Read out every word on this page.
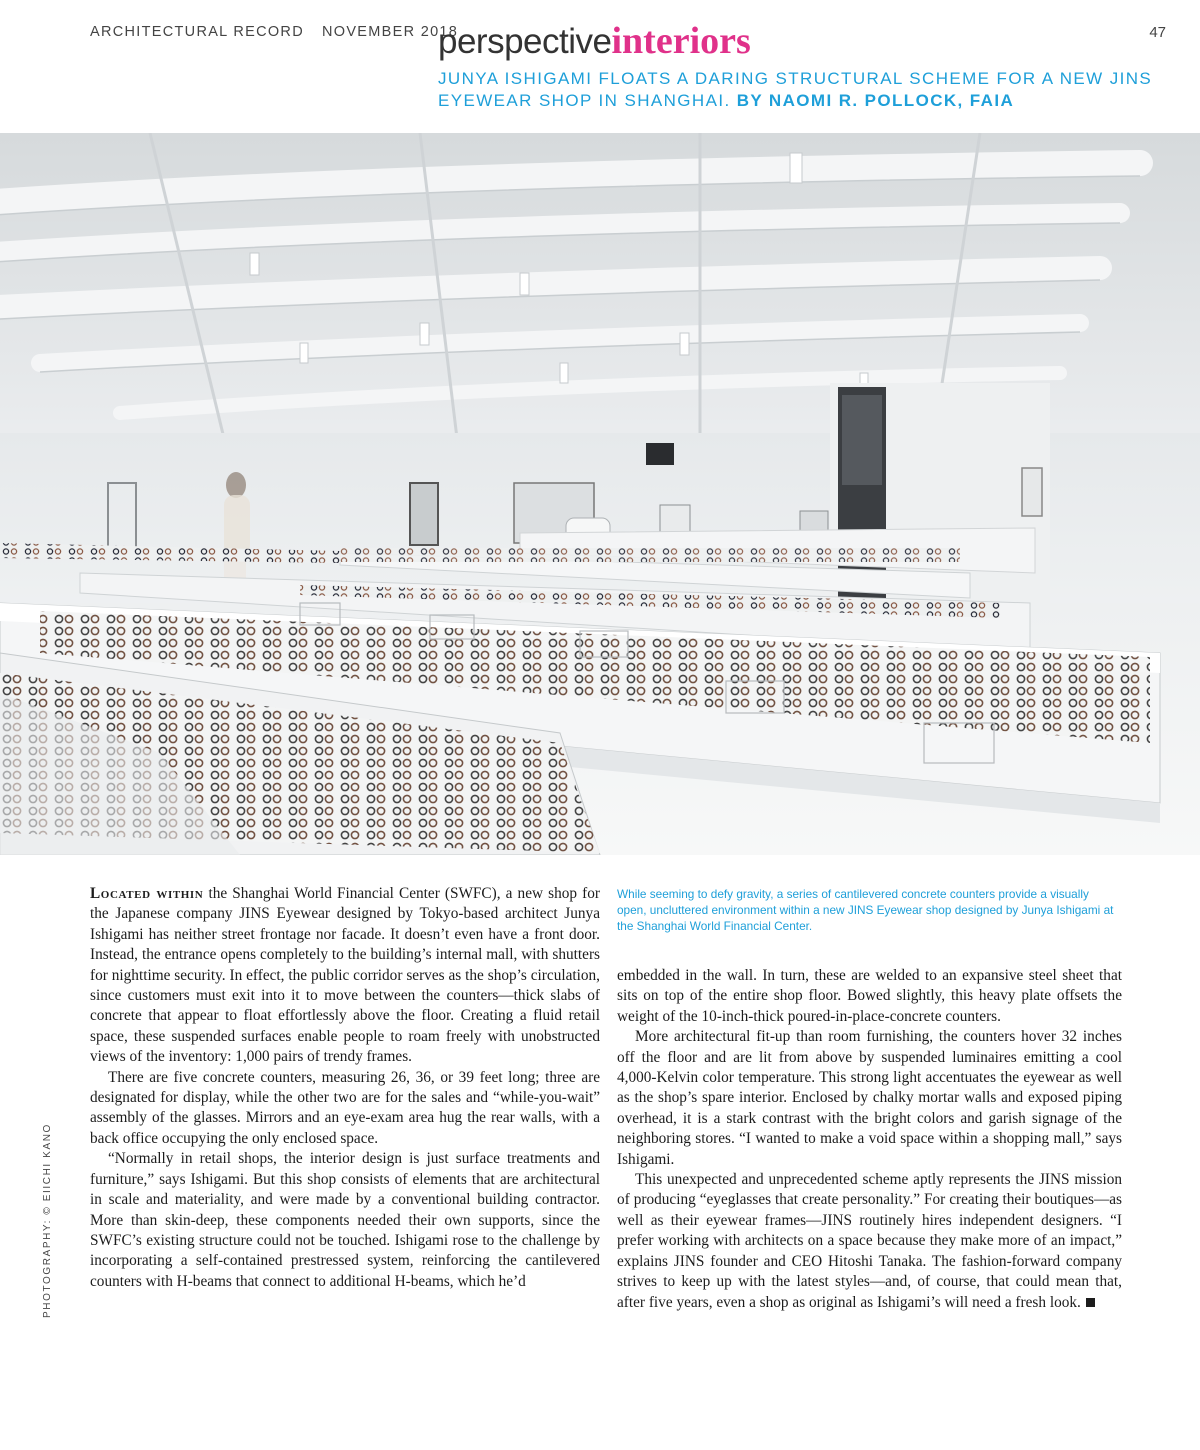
ARCHITECTURAL RECORD NOVEMBER 2018	47
perspectiveinteriors
JUNYA ISHIGAMI FLOATS A DARING STRUCTURAL SCHEME FOR A NEW JINS EYEWEAR SHOP IN SHANGHAI. BY NAOMI R. POLLOCK, FAIA
PHOTOGRAPHY: © EIICHI KANO
While seeming to defy gravity, a series of cantilevered concrete counters provide a visually open, uncluttered environment within a new JINS Eyewear shop designed by Junya Ishigami at the Shanghai World Financial Center.

Located within the Shanghai World Financial Center (SWFC), a new shop for the Japanese company JINS Eyewear designed by Tokyo-based architect Junya Ishigami has neither street frontage nor facade. It doesn’t even have a front door. Instead, the entrance opens completely to the building’s internal mall, with shutters for nighttime security. In effect, the public corridor serves as the shop’s circulation, since customers must exit into it to move between the counters—thick slabs of concrete that appear to float effortlessly above the floor. Creating a fluid retail space, these suspended surfaces enable people to roam freely with unobstructed views of the inventory: 1,000 pairs of trendy frames.

There are five concrete counters, measuring 26, 36, or 39 feet long; three are designated for display, while the other two are for the sales and “while-you-wait” assembly of the glasses. Mirrors and an eye-exam area hug the rear walls, with a back office occupying the only enclosed space.

“Normally in retail shops, the interior design is just surface treatments and furniture,” says Ishigami. But this shop consists of elements that are architectural in scale and materiality, and were made by a conventional building contractor. More than skin-deep, these components needed their own supports, since the SWFC’s existing structure could not be touched. Ishigami rose to the challenge by incorporating a self-contained prestressed system, reinforcing the cantilevered counters with H-beams that connect to additional H-beams, which he’d

embedded in the wall. In turn, these are welded to an expansive steel sheet that sits on top of the entire shop floor. Bowed slightly, this heavy plate offsets the weight of the 10-inch-thick poured-in-place-concrete counters.

More architectural fit-up than room furnishing, the counters hover 32 inches off the floor and are lit from above by suspended luminaires emitting a cool 4,000-Kelvin color temperature. This strong light accentuates the eyewear as well as the shop’s spare interior. Enclosed by chalky mortar walls and exposed piping overhead, it is a stark contrast with the bright colors and garish signage of the neighboring stores. “I wanted to make a void space within a shopping mall,” says Ishigami.

This unexpected and unprecedented scheme aptly represents the JINS mission of producing “eyeglasses that create personality.” For creating their boutiques—as well as their eyewear frames—JINS routinely hires independent designers. “I prefer working with architects on a space because they make more of an impact,” explains JINS founder and CEO Hitoshi Tanaka. The fashion-forward company strives to keep up with the latest styles—and, of course, that could mean that, after five years, even a shop as original as Ishigami’s will need a fresh look.
